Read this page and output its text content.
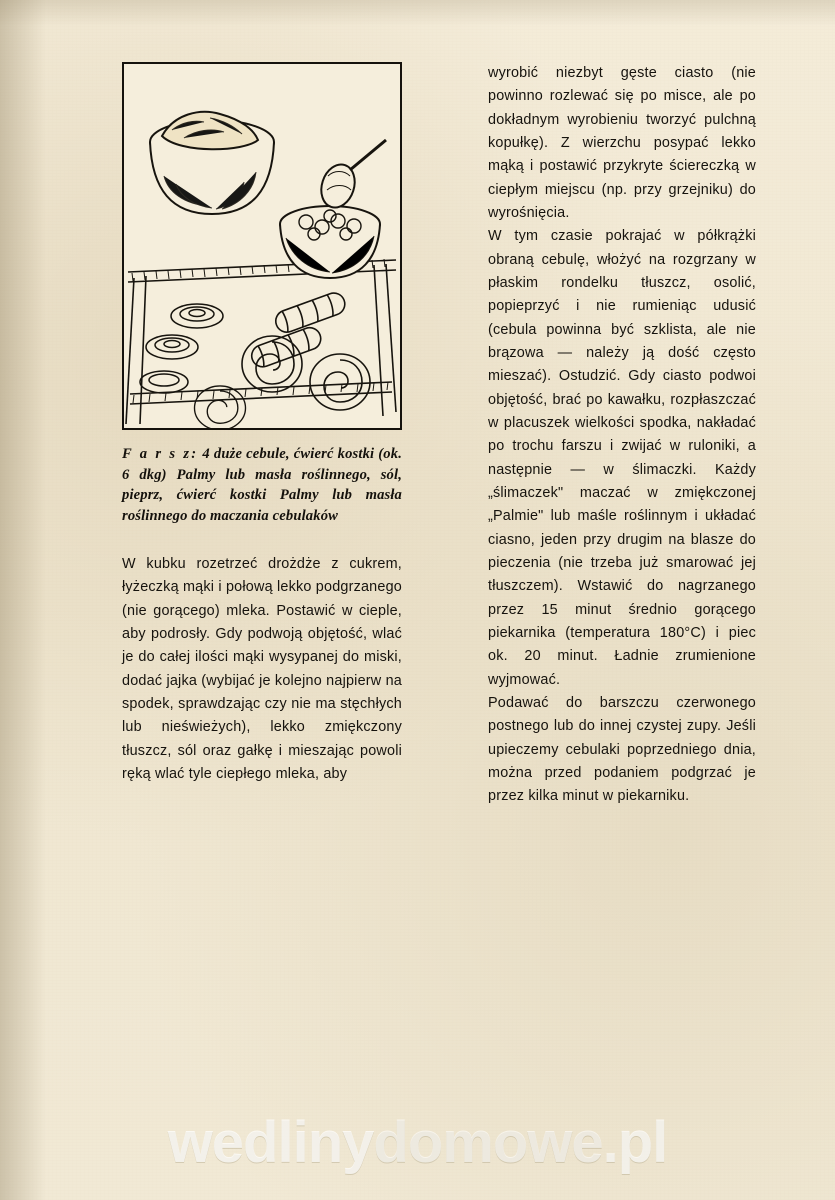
F a r s z: 4 duże cebule, ćwierć kostki (ok. 6 dkg) Palmy lub masła roślinnego, sól, pieprz, ćwierć kostki Palmy lub masła roślinnego do maczania cebulaków

W kubku rozetrzeć drożdże z cukrem, łyżeczką mąki i połową lekko podgrzanego (nie gorącego) mleka. Postawić w cieple, aby podrosły. Gdy podwoją objętość, wlać je do całej ilości mąki wysypanej do miski, dodać jajka (wybijać je kolejno najpierw na spodek, sprawdzając czy nie ma stęchłych lub nieświeżych), lekko zmiękczony tłuszcz, sól oraz gałkę i mieszając powoli ręką wlać tyle ciepłego mleka, aby

wyrobić niezbyt gęste ciasto (nie powinno rozlewać się po misce, ale po dokładnym wyrobieniu tworzyć pulchną kopułkę). Z wierzchu posypać lekko mąką i postawić przykryte ściereczką w ciepłym miejscu (np. przy grzejniku) do wyrośnięcia.

W tym czasie pokrajać w półkrążki obraną cebulę, włożyć na rozgrzany w płaskim rondelku tłuszcz, osolić, popieprzyć i nie rumieniąc udusić (cebula powinna być szklista, ale nie brązowa — należy ją dość często mieszać). Ostudzić. Gdy ciasto podwoi objętość, brać po kawałku, rozpłaszczać w placuszek wielkości spodka, nakładać po trochu farszu i zwijać w ruloniki, a następnie — w ślimaczki. Każdy „ślimaczek" maczać w zmiękczonej „Palmie" lub maśle roślinnym i układać ciasno, jeden przy drugim na blasze do pieczenia (nie trzeba już smarować jej tłuszczem). Wstawić do nagrzanego przez 15 minut średnio gorącego piekarnika (temperatura 180°C) i piec ok. 20 minut. Ładnie zrumienione wyjmować.

Podawać do barszczu czerwonego postnego lub do innej czystej zupy. Jeśli upieczemy cebulaki poprzedniego dnia, można przed podaniem podgrzać je przez kilka minut w piekarniku.

wedlinydomowe.pl
